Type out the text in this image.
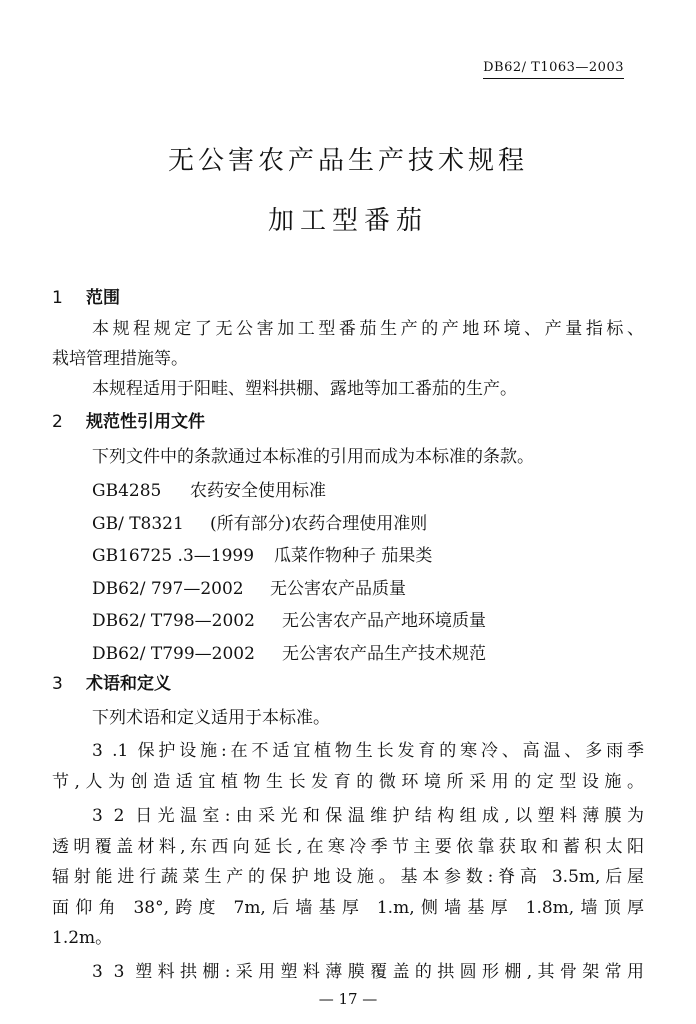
DB62/ T1063—2003
无公害农产品生产技术规程
加工型番茄
1 范围
本规程规定了无公害加工型番茄生产的产地环境、产量指标、
栽培管理措施等。
本规程适用于阳畦、塑料拱棚、露地等加工番茄的生产。
2 规范性引用文件
下列文件中的条款通过本标准的引用而成为本标准的条款。
GB4285 农药安全使用标准
GB/ T8321 (所有部分)农药合理使用准则
GB16725 .3—1999 瓜菜作物种子 茄果类
DB62/ 797—2002 无公害农产品质量
DB62/ T798—2002 无公害农产品产地环境质量
DB62/ T799—2002 无公害农产品生产技术规范
3 术语和定义
下列术语和定义适用于本标准。
3 .1 保护设施:在不适宜植物生长发育的寒冷、高温、多雨季
节,人为创造适宜植物生长发育的微环境所采用的定型设施。
3 2 日光温室:由采光和保温维护结构组成,以塑料薄膜为
透明覆盖材料,东西向延长,在寒冷季节主要依靠获取和蓄积太阳
辐射能进行蔬菜生产的保护地设施。基本参数:脊高 3.5m,后屋
面仰角 38°,跨度 7m,后墙基厚 1.m,侧墙基厚 1.8m,墙顶厚
1.2m。
3 3 塑料拱棚:采用塑料薄膜覆盖的拱圆形棚,其骨架常用
— 17 —
